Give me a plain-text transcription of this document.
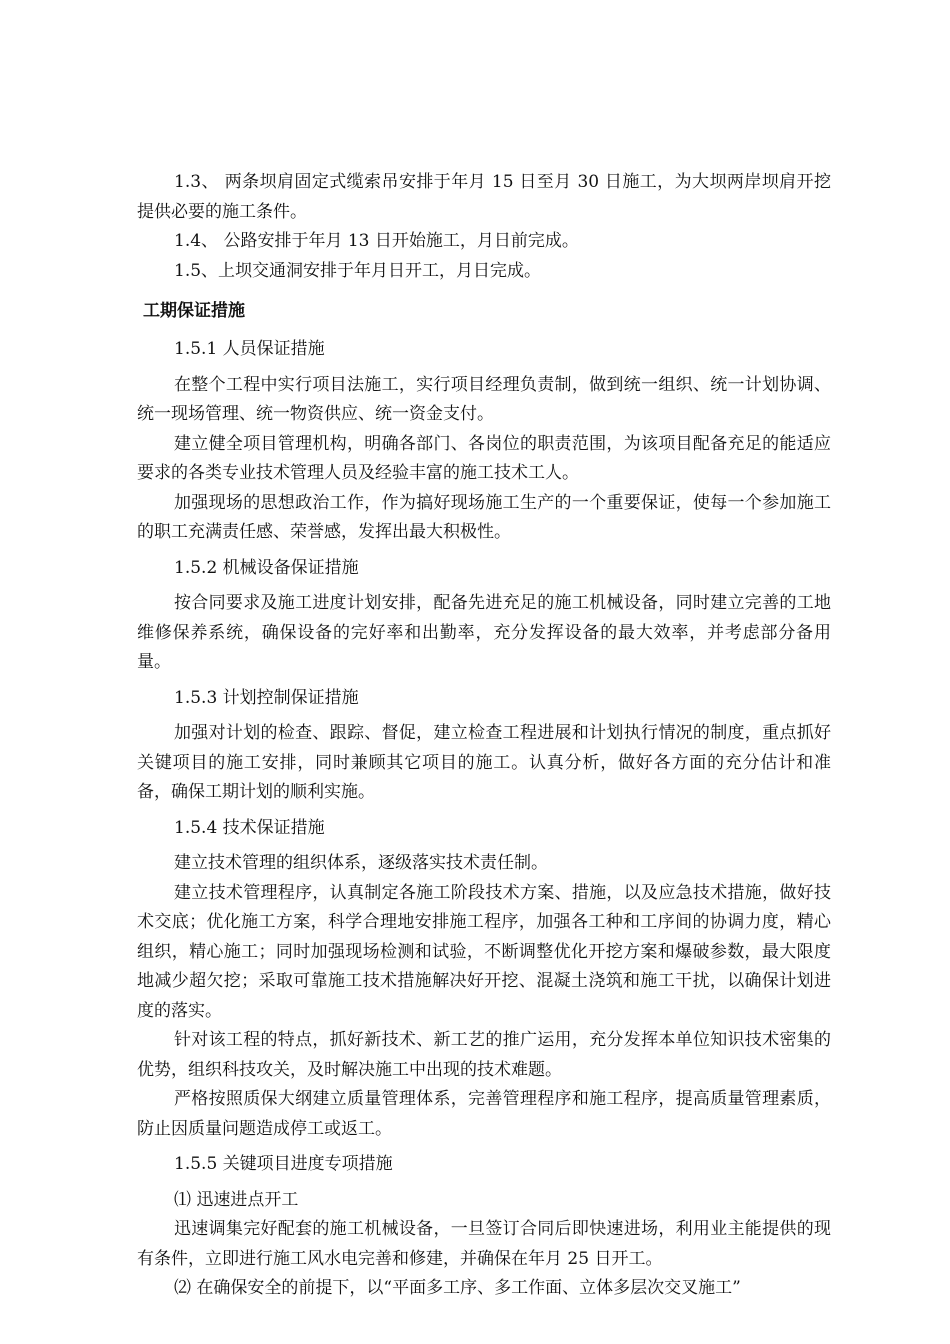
1.3、 两条坝肩固定式缆索吊安排于年月 15 日至月 30 日施工，为大坝两岸坝肩开挖提供必要的施工条件。

1.4、 公路安排于年月 13 日开始施工，月日前完成。

1.5、上坝交通洞安排于年月日开工，月日完成。

工期保证措施

1.5.1 人员保证措施

在整个工程中实行项目法施工，实行项目经理负责制，做到统一组织、统一计划协调、统一现场管理、统一物资供应、统一资金支付。

建立健全项目管理机构，明确各部门、各岗位的职责范围，为该项目配备充足的能适应要求的各类专业技术管理人员及经验丰富的施工技术工人。

加强现场的思想政治工作，作为搞好现场施工生产的一个重要保证，使每一个参加施工的职工充满责任感、荣誉感，发挥出最大积极性。

1.5.2 机械设备保证措施

按合同要求及施工进度计划安排，配备先进充足的施工机械设备，同时建立完善的工地维修保养系统，确保设备的完好率和出勤率，充分发挥设备的最大效率，并考虑部分备用量。

1.5.3 计划控制保证措施

加强对计划的检查、跟踪、督促，建立检查工程进展和计划执行情况的制度，重点抓好关键项目的施工安排，同时兼顾其它项目的施工。认真分析，做好各方面的充分估计和准备，确保工期计划的顺利实施。

1.5.4 技术保证措施

建立技术管理的组织体系，逐级落实技术责任制。

建立技术管理程序，认真制定各施工阶段技术方案、措施，以及应急技术措施，做好技术交底；优化施工方案，科学合理地安排施工程序，加强各工种和工序间的协调力度，精心组织，精心施工；同时加强现场检测和试验，不断调整优化开挖方案和爆破参数，最大限度地减少超欠挖；采取可靠施工技术措施解决好开挖、混凝土浇筑和施工干扰，以确保计划进度的落实。

针对该工程的特点，抓好新技术、新工艺的推广运用，充分发挥本单位知识技术密集的优势，组织科技攻关，及时解决施工中出现的技术难题。

严格按照质保大纲建立质量管理体系，完善管理程序和施工程序，提高质量管理素质，防止因质量问题造成停工或返工。

1.5.5 关键项目进度专项措施

⑴ 迅速进点开工

迅速调集完好配套的施工机械设备，一旦签订合同后即快速进场，利用业主能提供的现有条件，立即进行施工风水电完善和修建，并确保在年月 25 日开工。

⑵ 在确保安全的前提下，以“平面多工序、多工作面、立体多层次交叉施工”
